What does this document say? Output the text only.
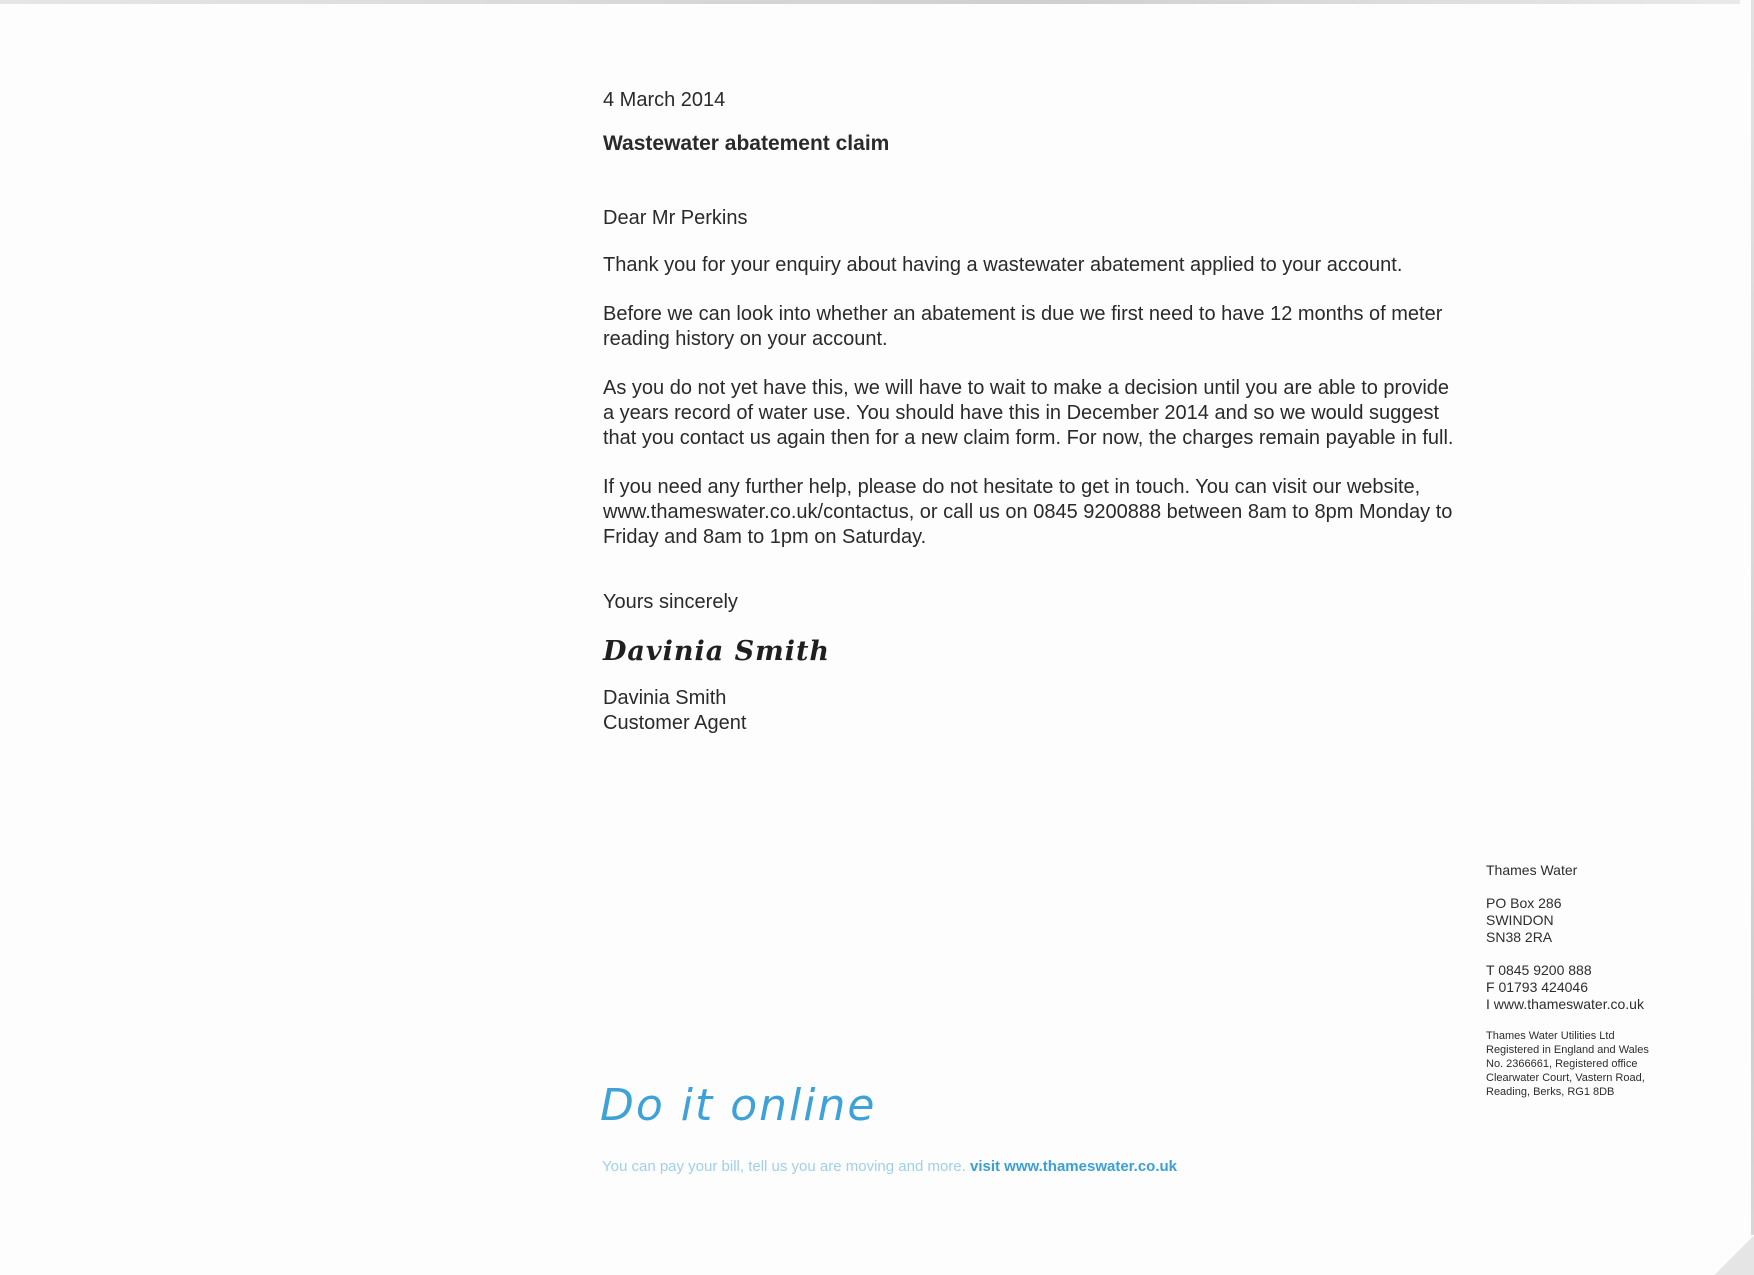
4 March 2014

Wastewater abatement claim

Dear Mr Perkins

Thank you for your enquiry about having a wastewater abatement applied to your account.

Before we can look into whether an abatement is due we first need to have 12 months of meter reading history on your account.

As you do not yet have this, we will have to wait to make a decision until you are able to provide a years record of water use. You should have this in December 2014 and so we would suggest that you contact us again then for a new claim form. For now, the charges remain payable in full.

If you need any further help, please do not hesitate to get in touch. You can visit our website, www.thameswater.co.uk/contactus, or call us on 0845 9200888 between 8am to 8pm Monday to Friday and 8am to 1pm on Saturday.

Yours sincerely

Davinia Smith

Davinia Smith

Customer Agent

Thames Water
PO Box 286
SWINDON
SN38 2RA
T 0845 9200 888
F 01793 424046
I www.thameswater.co.uk
Thames Water Utilities Ltd
Registered in England and Wales
No. 2366661, Registered office
Clearwater Court, Vastern Road,
Reading, Berks, RG1 8DB
Do it online
You can pay your bill, tell us you are moving and more. visit www.thameswater.co.uk
